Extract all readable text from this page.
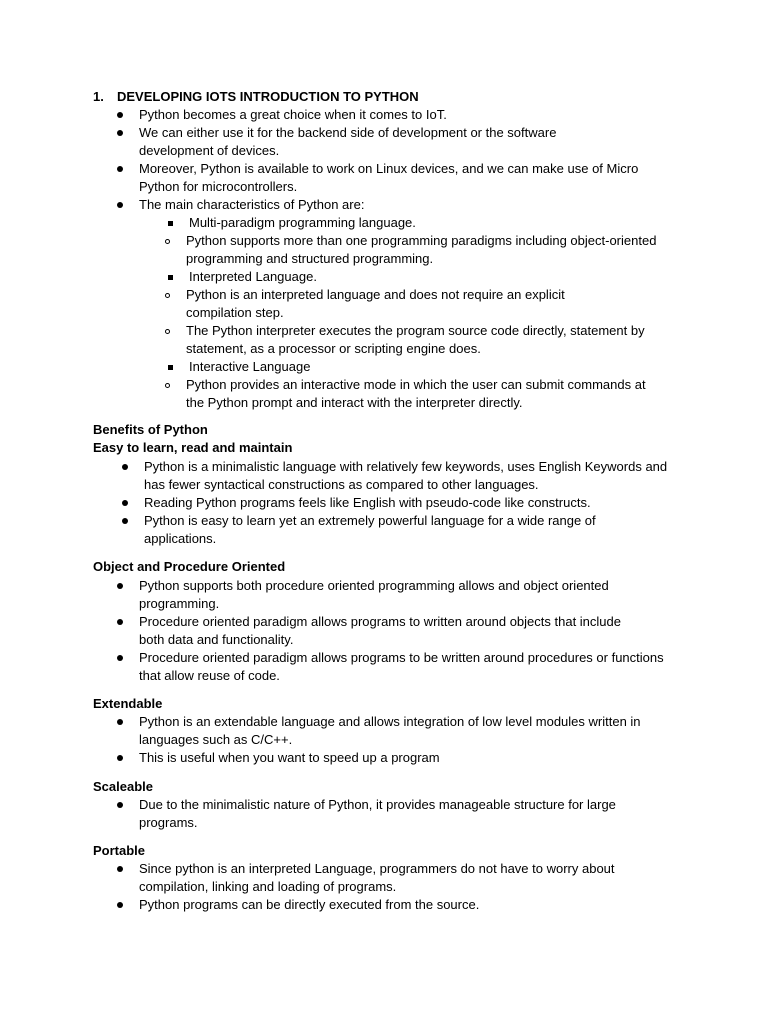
1. DEVELOPING IOTS INTRODUCTION TO PYTHON
Python becomes a great choice when it comes to IoT.
We can either use it for the backend side of development or the software development of devices.
Moreover, Python is available to work on Linux devices, and we can make use of Micro Python for microcontrollers.
The main characteristics of Python are:
Multi-paradigm programming language.
Python supports more than one programming paradigms including object-oriented programming and structured programming.
Interpreted Language.
Python is an interpreted language and does not require an explicit compilation step.
The Python interpreter executes the program source code directly, statement by statement, as a processor or scripting engine does.
Interactive Language
Python provides an interactive mode in which the user can submit commands at the Python prompt and interact with the interpreter directly.
Benefits of Python
Easy to learn, read and maintain
Python is a minimalistic language with relatively few keywords, uses English Keywords and has fewer syntactical constructions as compared to other languages.
Reading Python programs feels like English with pseudo-code like constructs.
Python is easy to learn yet an extremely powerful language for a wide range of applications.
Object and Procedure Oriented
Python supports both procedure oriented programming allows and object oriented programming.
Procedure oriented paradigm allows programs to written around objects that include both data and functionality.
Procedure oriented paradigm allows programs to be written around procedures or functions that allow reuse of code.
Extendable
Python is an extendable language and allows integration of low level modules written in languages such as C/C++.
This is useful when you want to speed up a program
Scaleable
Due to the minimalistic nature of Python, it provides manageable structure for large programs.
Portable
Since python is an interpreted Language, programmers do not have to worry about compilation, linking and loading of programs.
Python programs can be directly executed from the source.
